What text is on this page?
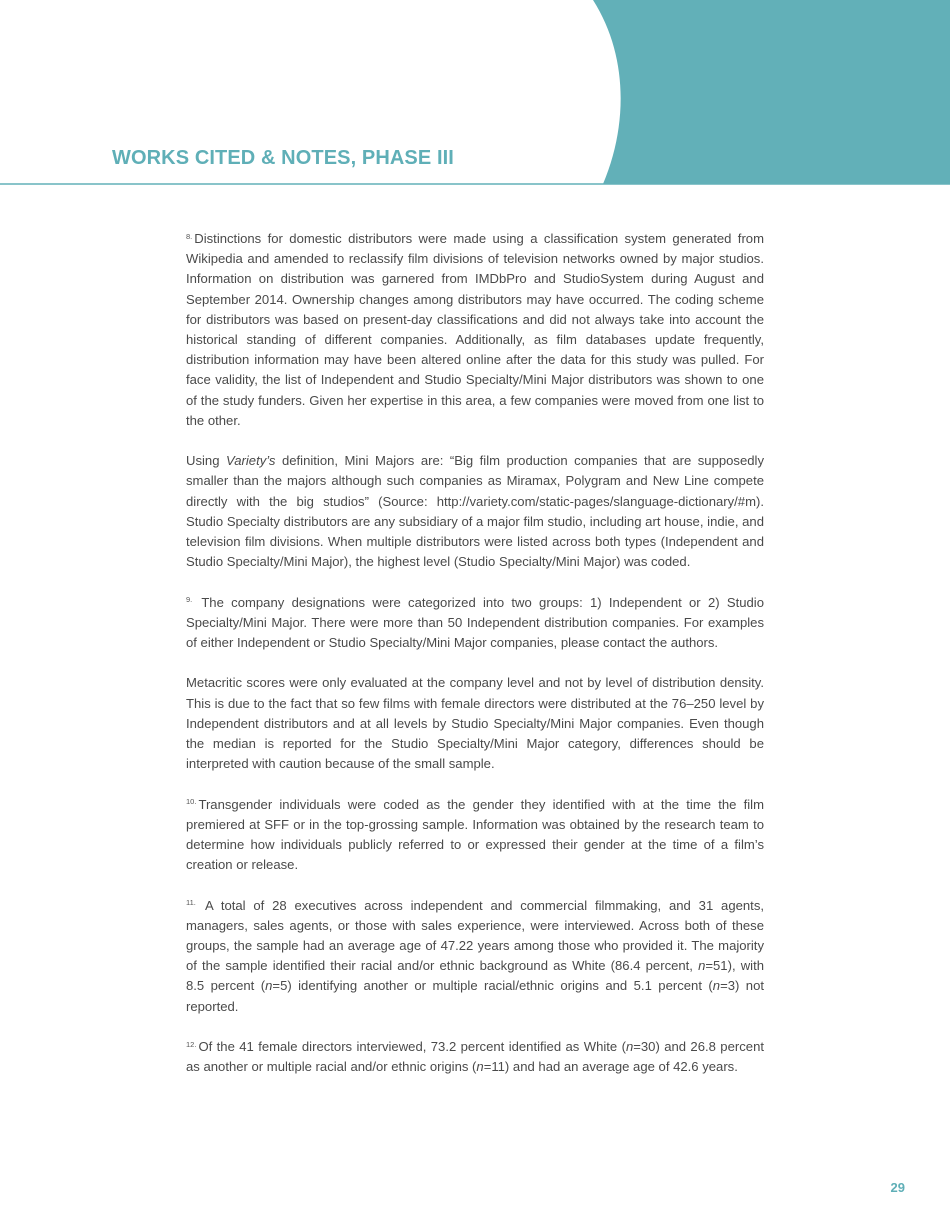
WORKS CITED & NOTES, PHASE III

$^{8.}$ Distinctions for domestic distributors were made using a classification system generated from Wikipedia and amended to reclassify film divisions of television networks owned by major studios. Information on distribution was garnered from IMDbPro and StudioSystem during August and September 2014. Ownership changes among distributors may have occurred. The coding scheme for distributors was based on present-day classifications and did not always take into account the historical standing of different companies. Additionally, as film databases update frequently, distribution information may have been altered online after the data for this study was pulled. For face validity, the list of Independent and Studio Specialty/Mini Major distributors was shown to one of the study funders. Given her expertise in this area, a few companies were moved from one list to the other.

Using Variety’s definition, Mini Majors are: “Big film production companies that are supposedly smaller than the majors although such companies as Miramax, Polygram and New Line compete directly with the big studios” (Source: http://variety.com/static-pages/slanguage-dictionary/#m). Studio Specialty distributors are any subsidiary of a major film studio, including art house, indie, and television film divisions. When multiple distributors were listed across both types (Independent and Studio Specialty/Mini Major), the highest level (Studio Specialty/Mini Major) was coded.

$^{9.}$ The company designations were categorized into two groups: 1) Independent or 2) Studio Specialty/Mini Major. There were more than 50 Independent distribution companies. For examples of either Independent or Studio Specialty/Mini Major companies, please contact the authors.

Metacritic scores were only evaluated at the company level and not by level of distribution density. This is due to the fact that so few films with female directors were distributed at the 76–250 level by Independent distributors and at all levels by Studio Specialty/Mini Major companies. Even though the median is reported for the Studio Specialty/Mini Major category, differences should be interpreted with caution because of the small sample.

$^{10.}$ Transgender individuals were coded as the gender they identified with at the time the film premiered at SFF or in the top-grossing sample. Information was obtained by the research team to determine how individuals publicly referred to or expressed their gender at the time of a film’s creation or release.

$^{11.}$ A total of 28 executives across independent and commercial filmmaking, and 31 agents, managers, sales agents, or those with sales experience, were interviewed. Across both of these groups, the sample had an average age of 47.22 years among those who provided it. The majority of the sample identified their racial and/or ethnic background as White (86.4 percent, n=51), with 8.5 percent (n=5) identifying another or multiple racial/ethnic origins and 5.1 percent (n=3) not reported.

$^{12.}$ Of the 41 female directors interviewed, 73.2 percent identified as White (n=30) and 26.8 percent as another or multiple racial and/or ethnic origins (n=11) and had an average age of 42.6 years.

29
